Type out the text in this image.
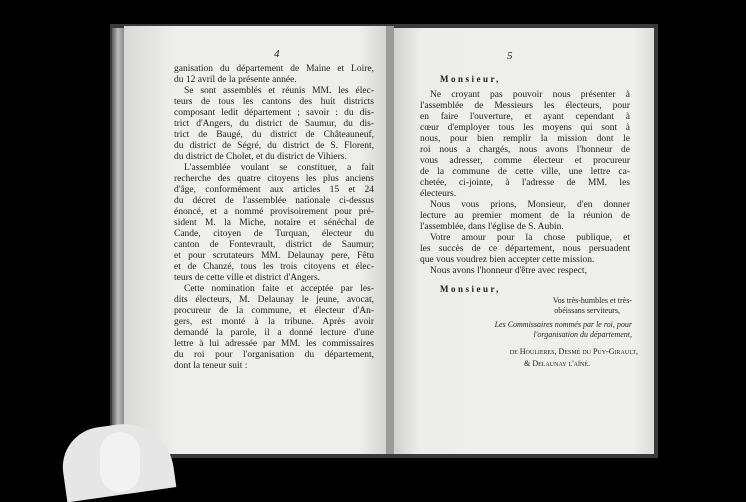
4
ganisation du département de Maine et Loire,
du 12 avril de la présente année.
Se sont assemblés et réunis MM. les élec-
teurs de tous les cantons des huit districts
composant ledit département ; savoir : du dis-
trict d'Angers, du district de Saumur, du dis-
trict de Baugé, du district de Châteauneuf,
du district de Ségré, du district de S. Florent,
du district de Cholet, et du district de Vihiers.
L'assemblée voulant se constituer, a fait
recherche des quatre citoyens les plus anciens
d'âge, conformément aux articles 15 et 24
du décret de l'assemblée nationale ci-dessus
énoncé, et a nommé provisoirement pour pré-
sident M. la Miche, notaire et sénéchal de
Cande, citoyen de Turquan, électeur du
canton de Fontevrault, district de Saumur;
et pour scrutateurs MM. Delaunay pere, Fêtu
et de Chanzé, tous les trois citoyens et élec-
teurs de cette ville et district d'Angers.
Cette nomination faite et acceptée par les-
dits électeurs, M. Delaunay le jeune, avocat,
procureur de la commune, et électeur d'An-
gers, est monté à la tribune. Après avoir
demandé la parole, il a donné lecture d'une
lettre à lui adressée par MM. les commissaires
du roi pour l'organisation du département,
dont la teneur suit :
5
Monsieur,
Ne croyant pas pouvoir nous présenter à
l'assemblée de Messieurs les électeurs, pour
en faire l'ouverture, et ayant cependant à
cœur d'employer tous les moyens qui sont à
nous, pour bien remplir la mission dont le
roi nous a chargés, nous avons l'honneur de
vous adresser, comme électeur et procureur
de la commune de cette ville, une lettre ca-
chetée, ci-jointe, à l'adresse de MM. les
électeurs.
Nous vous prions, Monsieur, d'en donner
lecture au premier moment de la réunion de
l'assemblée, dans l'église de S. Aubin.
Votre amour pour la chose publique, et
les succès de ce département, nous persuadent
que vous voudrez bien accepter cette mission.
Nous avons l'honneur d'être avec respect,
Monsieur,
Vos très-humbles et très-
obéissans serviteurs,
Les Commissaires nommés par le roi, pour
l'organisation du département,
de Houlieres, Desmé du Puy-Girault,
& Delaunay l'aîné.
